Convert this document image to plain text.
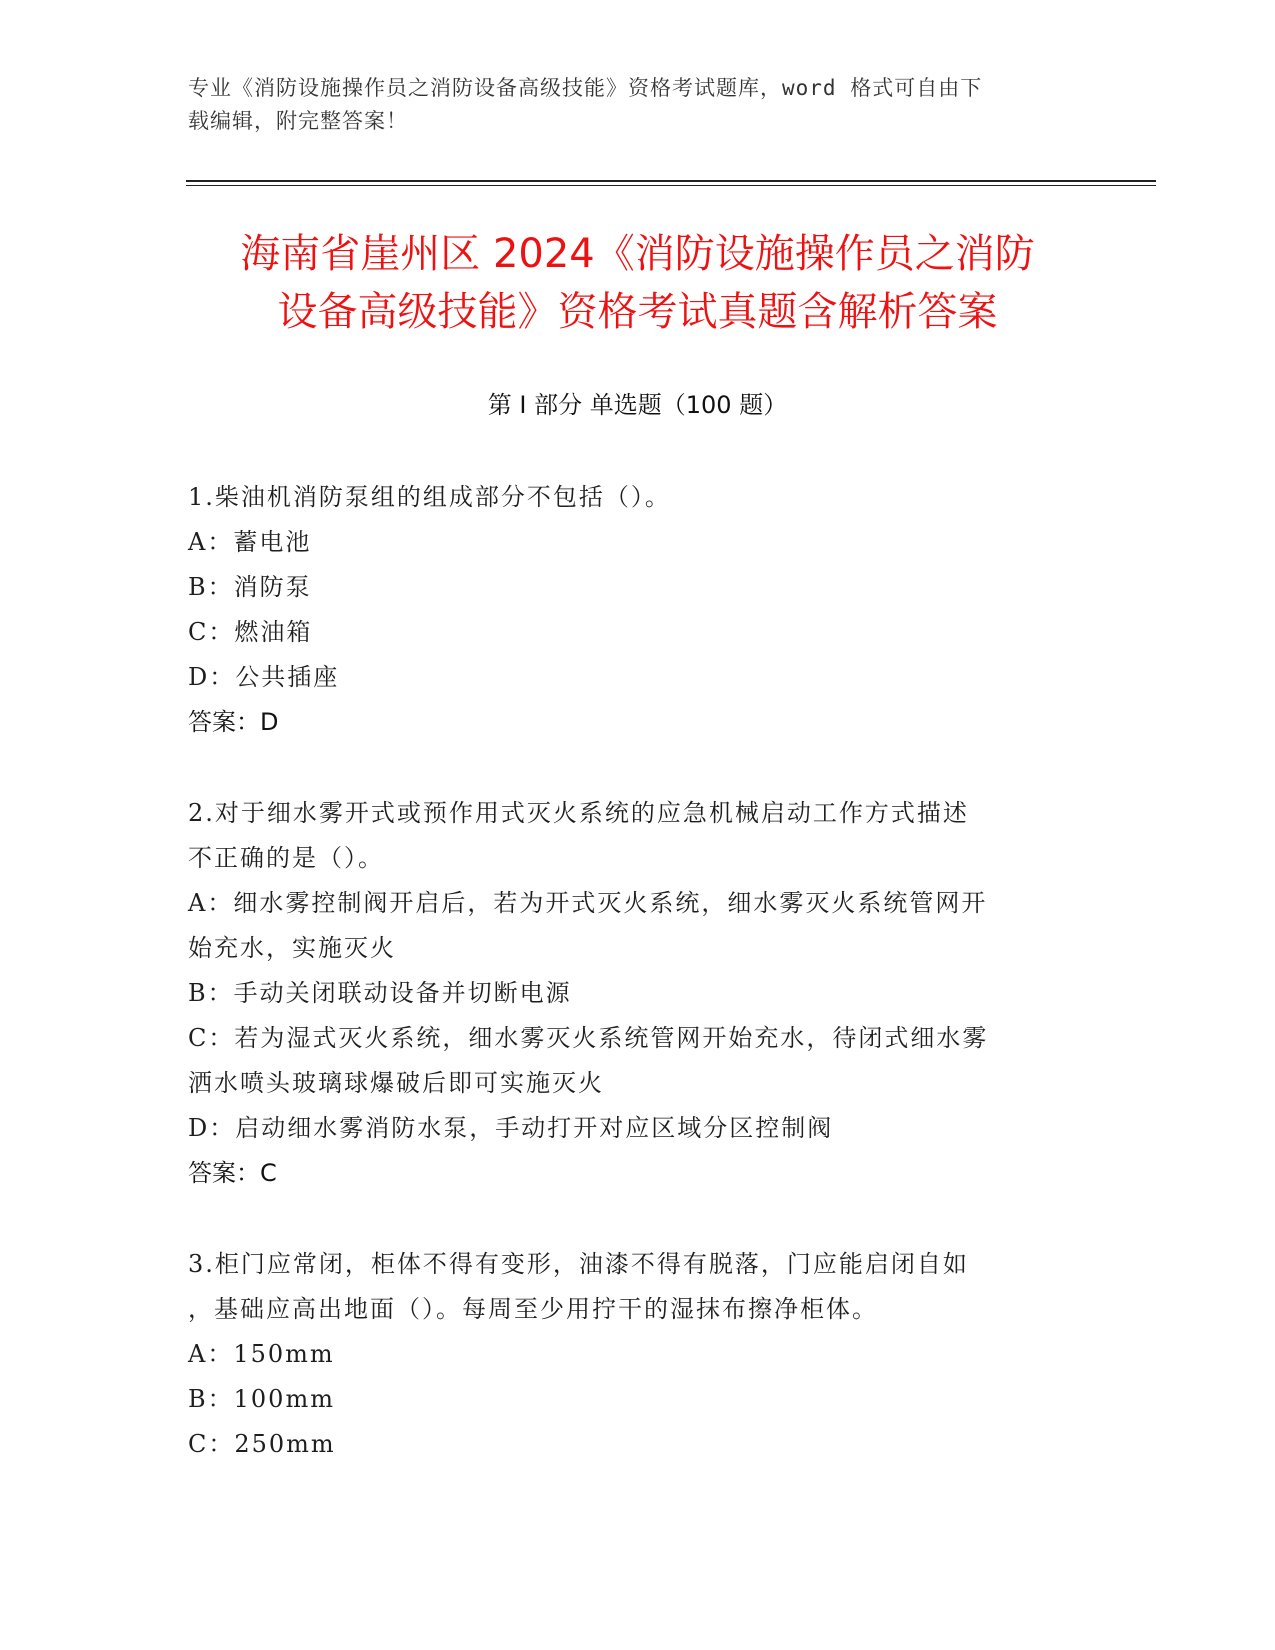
专业《消防设施操作员之消防设备高级技能》资格考试题库，word 格式可自由下
载编辑，附完整答案！
海南省崖州区 2024《消防设施操作员之消防
设备高级技能》资格考试真题含解析答案
第 I 部分 单选题（100 题）
1.柴油机消防泵组的组成部分不包括（）。
A：蓄电池
B：消防泵
C：燃油箱
D：公共插座
答案：D
2.对于细水雾开式或预作用式灭火系统的应急机械启动工作方式描述
不正确的是（）。
A：细水雾控制阀开启后，若为开式灭火系统，细水雾灭火系统管网开
始充水，实施灭火
B：手动关闭联动设备并切断电源
C：若为湿式灭火系统，细水雾灭火系统管网开始充水，待闭式细水雾
洒水喷头玻璃球爆破后即可实施灭火
D：启动细水雾消防水泵，手动打开对应区域分区控制阀
答案：C
3.柜门应常闭，柜体不得有变形，油漆不得有脱落，门应能启闭自如
，基础应高出地面（）。每周至少用拧干的湿抹布擦净柜体。
A：150mm
B：100mm
C：250mm
